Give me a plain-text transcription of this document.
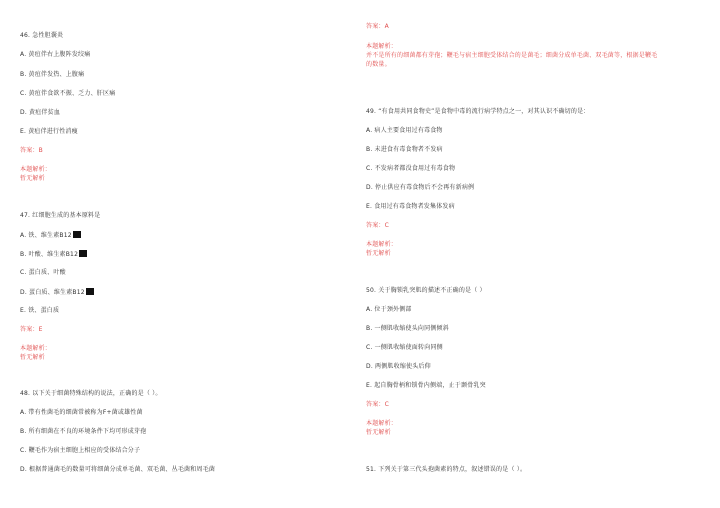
46. 急性胆囊炎
A. 黄疸伴右上腹阵发绞痛
B. 黄疸伴发热、上腹痛
C. 黄疸伴食欲不振、乏力、肝区痛
D. 黄疸伴贫血
E. 黄疸伴进行性消瘦
答案：B
本题解析：
暂无解析
47. 红细胞生成的基本原料是
A. 铁、维生素B12
B. 叶酸、维生素B12
C. 蛋白质、叶酸
D. 蛋白质、维生素B12
E. 铁、蛋白质
答案：E
本题解析：
暂无解析
48. 以下关于细菌特殊结构的说法，正确的是（ ）。
A. 带有性菌毛的细菌常被称为F+菌或雄性菌
B. 所有细菌在不良的环境条件下均可形成芽孢
C. 鞭毛作为宿主细胞上相应的受体结合分子
D. 根据普通菌毛的数量可将细菌分成单毛菌、双毛菌、丛毛菌和周毛菌
答案：A
本题解析：
并不是所有的细菌都有芽孢；鞭毛与宿主细胞受体结合的是菌毛；细菌分成单毛菌、双毛菌等，根据是鞭毛
的数量。
49. “有食用共同食物史”是食物中毒的流行病学特点之一，对其认识不确切的是：
A. 病人主要食用过有毒食物
B. 未进食有毒食物者不发病
C. 不发病者都没食用过有毒食物
D. 停止供应有毒食物后不会再有新病例
E. 食用过有毒食物者发集体发病
答案：C
本题解析：
暂无解析
50. 关于胸锁乳突肌的描述不正确的是（ ）
A. 位于颈外侧部
B. 一侧肌收缩使头向同侧倾斜
C. 一侧肌收缩使面转向同侧
D. 两侧肌收缩使头后仰
E. 起自胸骨柄和锁骨内侧端，止于颞骨乳突
答案：C
本题解析：
暂无解析
51. 下列关于第三代头孢菌素的特点，叙述错误的是（ ）。
